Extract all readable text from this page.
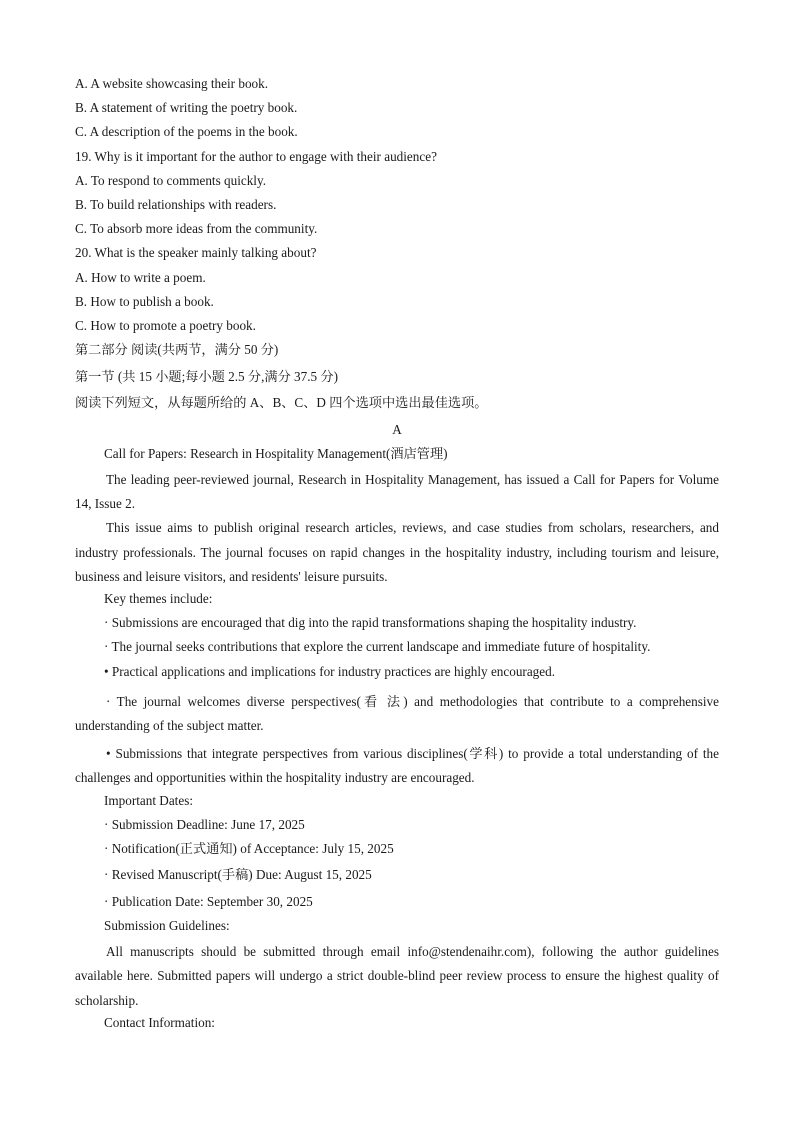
A. A website showcasing their book.
B. A statement of writing the poetry book.
C. A description of the poems in the book.
19. Why is it important for the author to engage with their audience?
A. To respond to comments quickly.
B. To build relationships with readers.
C. To absorb more ideas from the community.
20. What is the speaker mainly talking about?
A. How to write a poem.
B. How to publish a book.
C. How to promote a poetry book.
第二部分 阅读(共两节，满分 50 分)
第一节 (共 15 小题;每小题 2.5 分,满分 37.5 分)
阅读下列短文，从每题所给的 A、B、C、D 四个选项中选出最佳选项。
A
Call for Papers: Research in Hospitality Management(酒店管理)

The leading peer-reviewed journal, Research in Hospitality Management, has issued a Call for Papers for Volume 14, Issue 2.

This issue aims to publish original research articles, reviews, and case studies from scholars, researchers, and industry professionals. The journal focuses on rapid changes in the hospitality industry, including tourism and leisure, business and leisure visitors, and residents' leisure pursuits.

Key themes include:
· Submissions are encouraged that dig into the rapid transformations shaping the hospitality industry.
· The journal seeks contributions that explore the current landscape and immediate future of hospitality.
• Practical applications and implications for industry practices are highly encouraged.

· The journal welcomes diverse perspectives(看 法) and methodologies that contribute to a comprehensive understanding of the subject matter.

• Submissions that integrate perspectives from various disciplines(学科) to provide a total understanding of the challenges and opportunities within the hospitality industry are encouraged.

Important Dates:
· Submission Deadline: June 17, 2025
· Notification(正式通知) of Acceptance: July 15, 2025
· Revised Manuscript(手稿) Due: August 15, 2025
· Publication Date: September 30, 2025
Submission Guidelines:

All manuscripts should be submitted through email info@stendenaihr.com), following the author guidelines available here. Submitted papers will undergo a strict double-blind peer review process to ensure the highest quality of scholarship.

Contact Information:
